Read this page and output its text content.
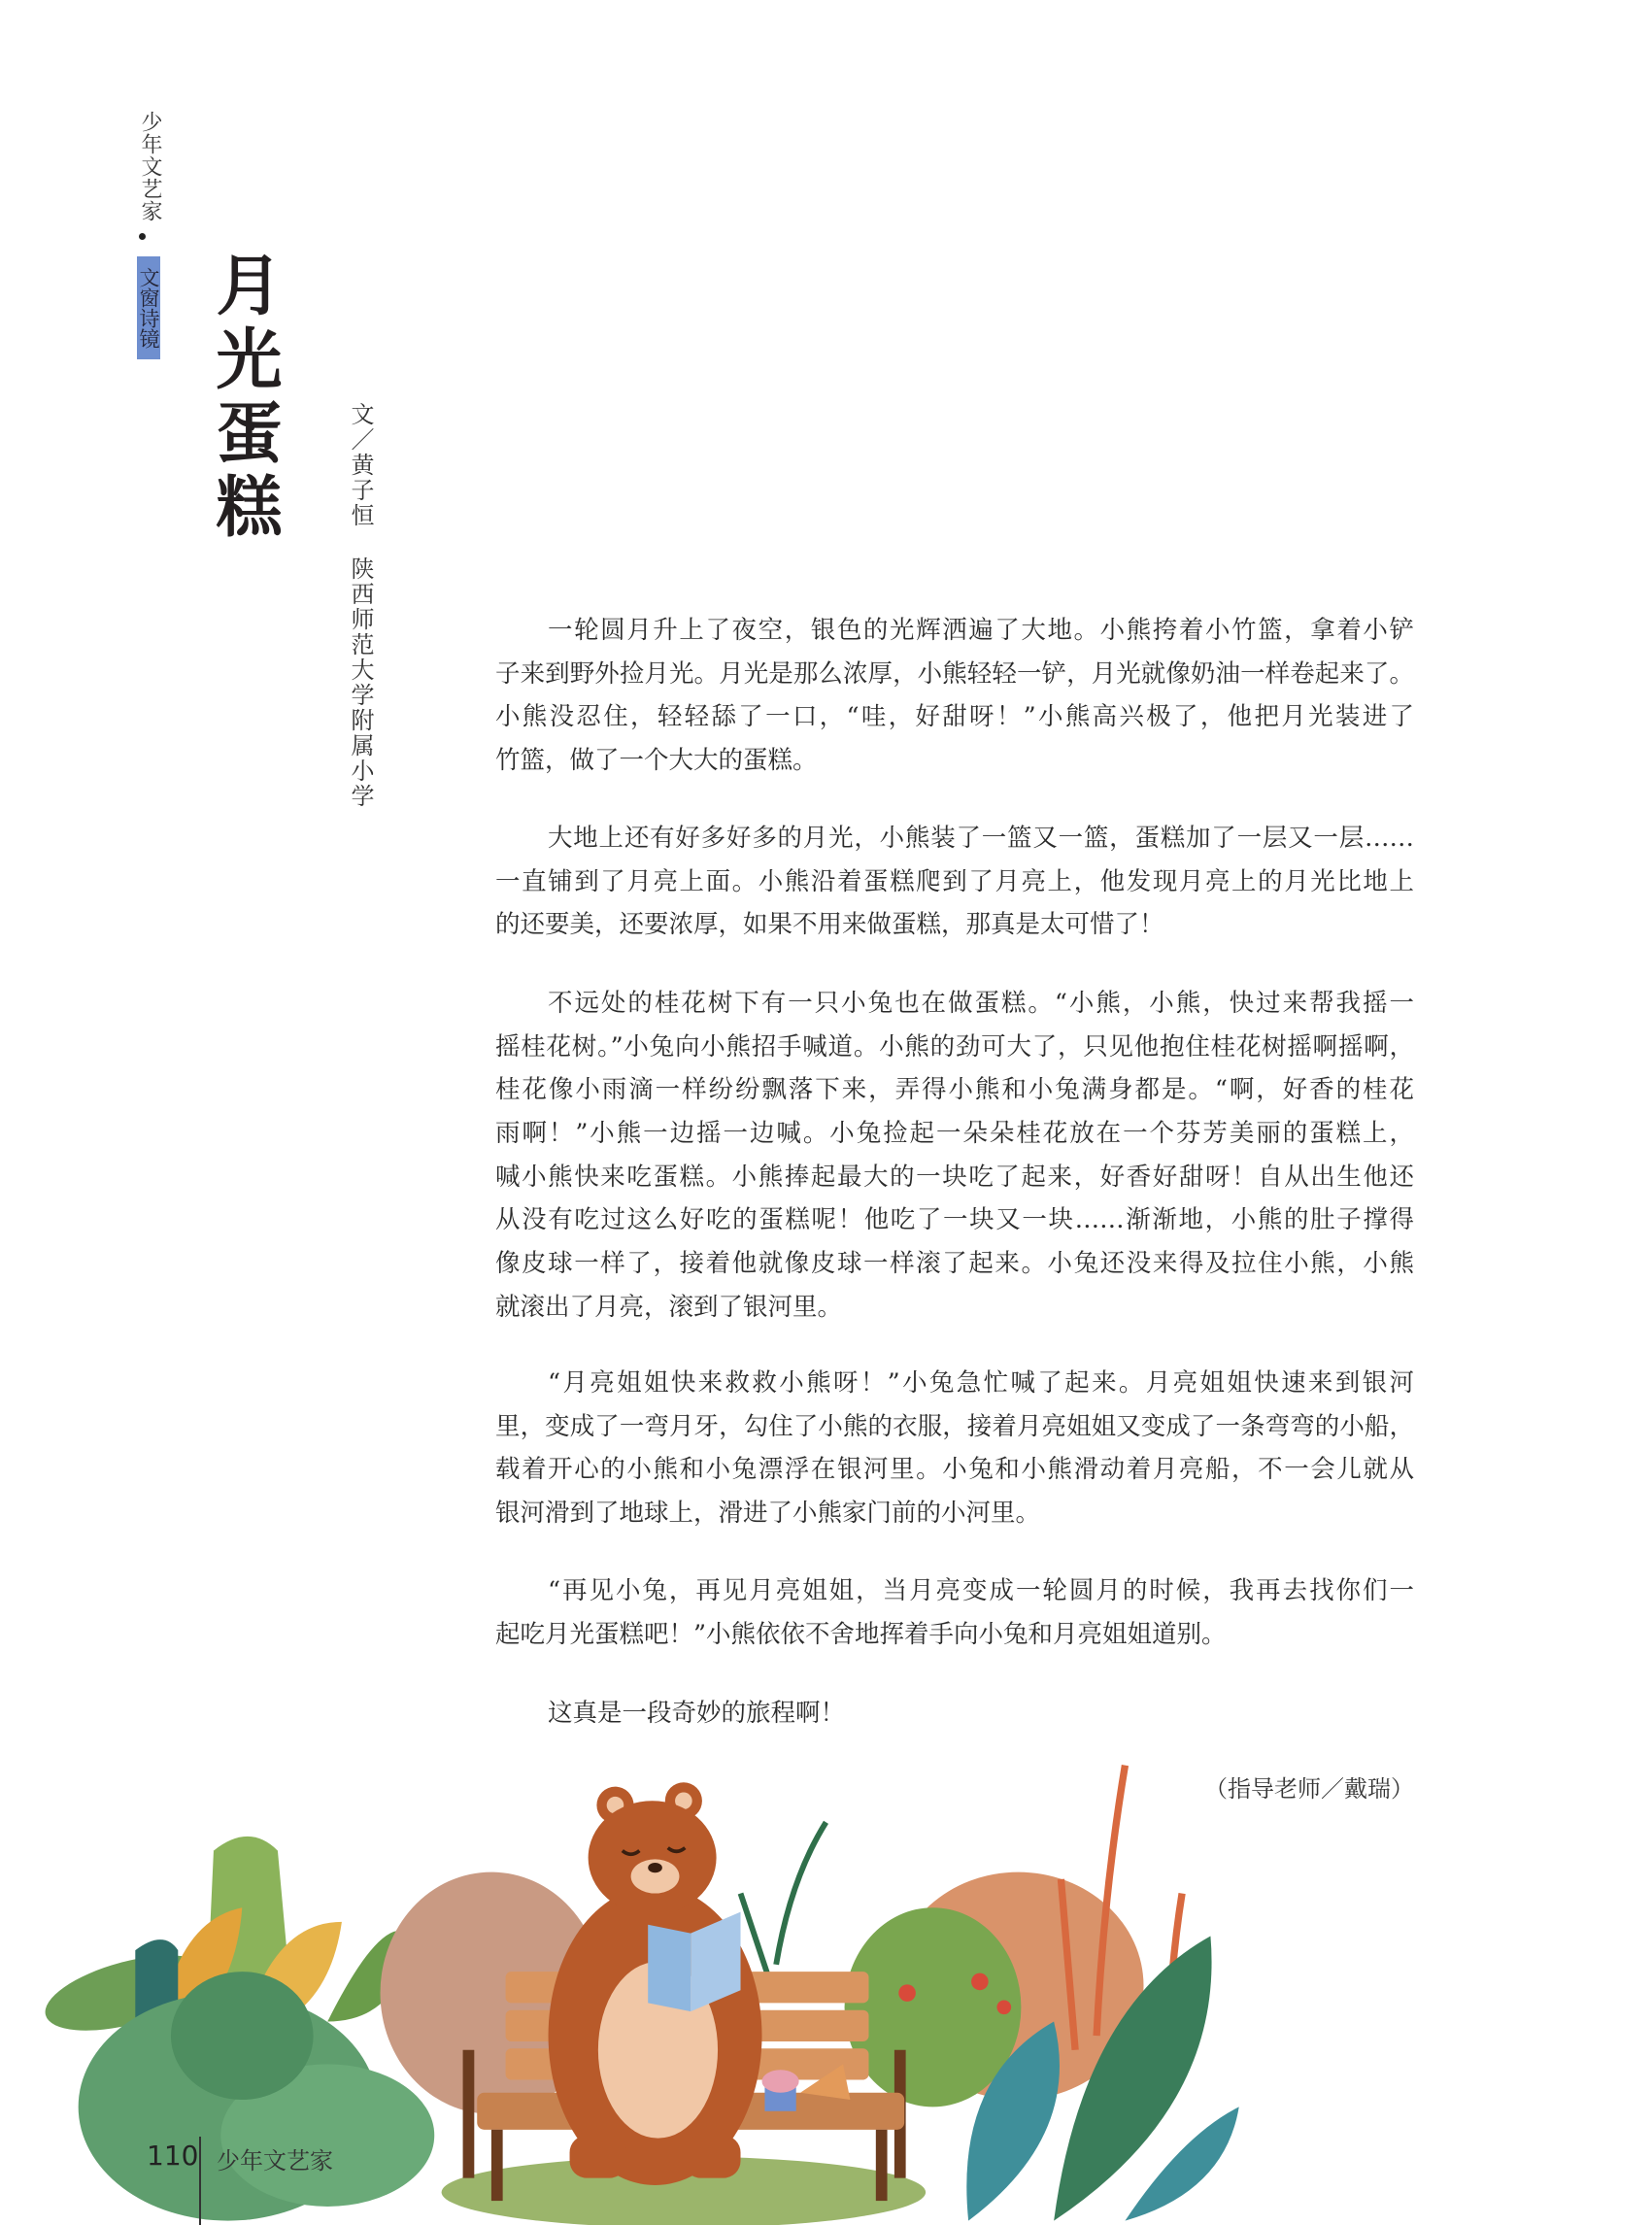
少年文艺家
文窗诗镜 月光蛋糕	文／黄子恒
陕西师范大学附属小学	一轮圆月升上了夜空，银色的光辉洒遍了大地。小熊挎着小竹篮，拿着小铲
子来到野外捡月光。月光是那么浓厚，小熊轻轻一铲，月光就像奶油一样卷起来了。
小熊没忍住，轻轻舔了一口，“哇，好甜呀！”小熊高兴极了，他把月光装进了
竹篮，做了一个大大的蛋糕。
大地上还有好多好多的月光，小熊装了一篮又一篮，蛋糕加了一层又一层……
一直铺到了月亮上面。小熊沿着蛋糕爬到了月亮上，他发现月亮上的月光比地上
的还要美，还要浓厚，如果不用来做蛋糕，那真是太可惜了！
不远处的桂花树下有一只小兔也在做蛋糕。“小熊，小熊，快过来帮我摇一
摇桂花树。”小兔向小熊招手喊道。小熊的劲可大了，只见他抱住桂花树摇啊摇啊，
桂花像小雨滴一样纷纷飘落下来，弄得小熊和小兔满身都是。“啊，好香的桂花
雨啊！”小熊一边摇一边喊。小兔捡起一朵朵桂花放在一个芬芳美丽的蛋糕上，
喊小熊快来吃蛋糕。小熊捧起最大的一块吃了起来，好香好甜呀！自从出生他还
从没有吃过这么好吃的蛋糕呢！他吃了一块又一块……渐渐地，小熊的肚子撑得
像皮球一样了，接着他就像皮球一样滚了起来。小兔还没来得及拉住小熊，小熊
就滚出了月亮，滚到了银河里。
“月亮姐姐快来救救小熊呀！”小兔急忙喊了起来。月亮姐姐快速来到银河
里，变成了一弯月牙，勾住了小熊的衣服，接着月亮姐姐又变成了一条弯弯的小船，
载着开心的小熊和小兔漂浮在银河里。小兔和小熊滑动着月亮船，不一会儿就从
银河滑到了地球上，滑进了小熊家门前的小河里。
“再见小兔，再见月亮姐姐，当月亮变成一轮圆月的时候，我再去找你们一
起吃月光蛋糕吧！”小熊依依不舍地挥着手向小兔和月亮姐姐道别。
这真是一段奇妙的旅程啊！
（指导老师／戴瑞）
110 少年文艺家
